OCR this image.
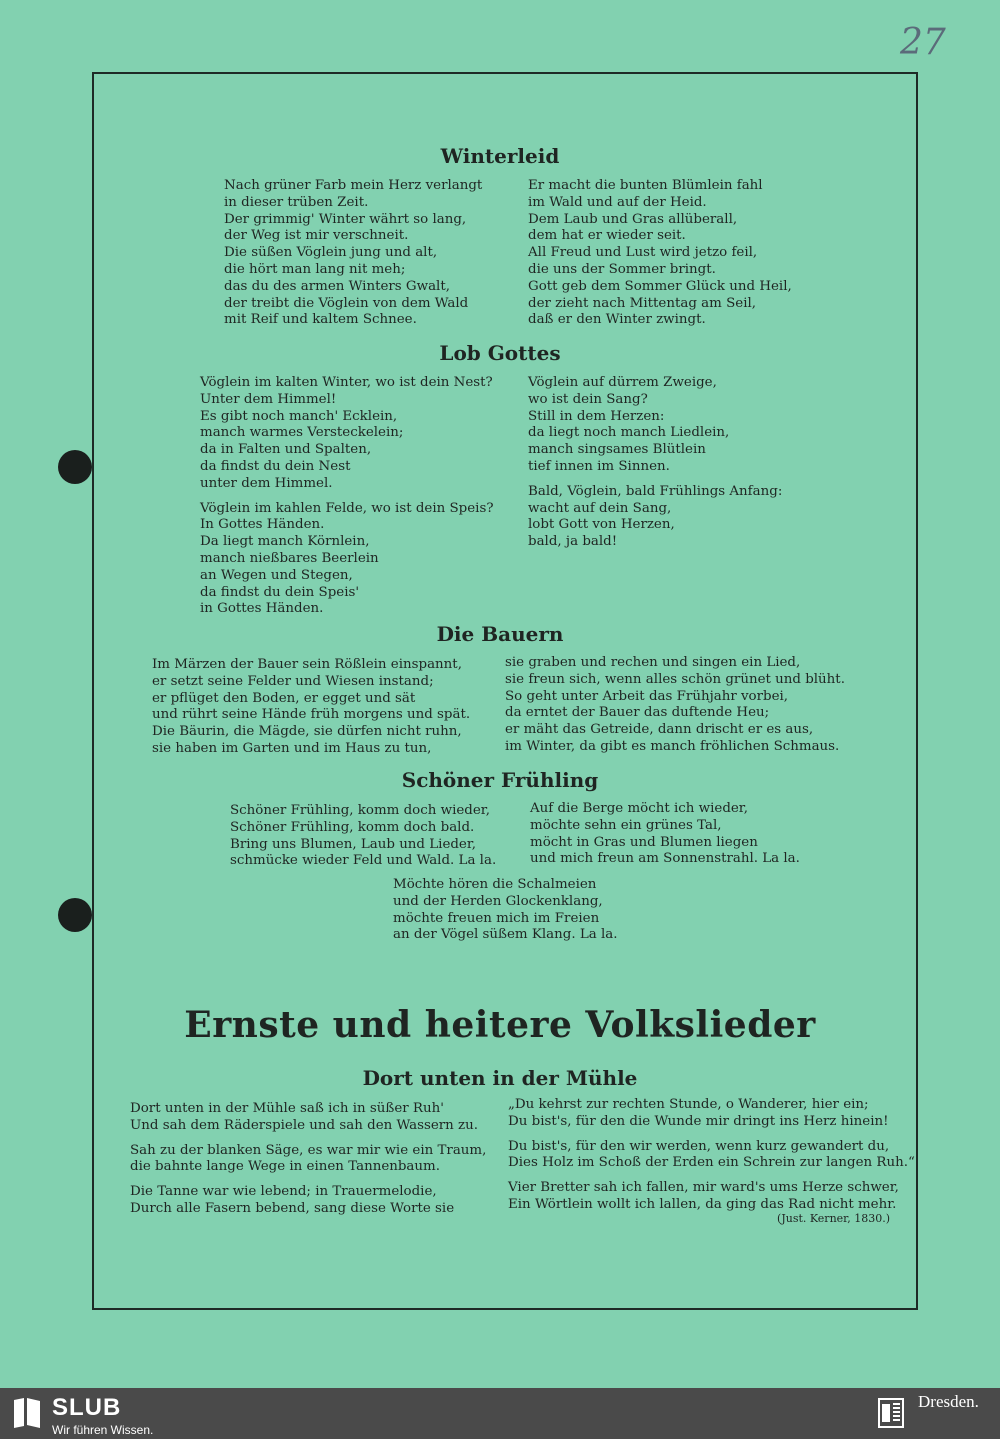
27
Winterleid
Nach grüner Farb mein Herz verlangt
in dieser trüben Zeit.
Der grimmig' Winter währt so lang,
der Weg ist mir verschneit.
Die süßen Vöglein jung und alt,
die hört man lang nit meh;
das du des armen Winters Gwalt,
der treibt die Vöglein von dem Wald
mit Reif und kaltem Schnee.
Er macht die bunten Blümlein fahl
im Wald und auf der Heid.
Dem Laub und Gras allüberall,
dem hat er wieder seit.
All Freud und Lust wird jetzo feil,
die uns der Sommer bringt.
Gott geb dem Sommer Glück und Heil,
der zieht nach Mittentag am Seil,
daß er den Winter zwingt.
Lob Gottes
Vöglein im kalten Winter, wo ist dein Nest?
Unter dem Himmel!
Es gibt noch manch' Ecklein,
manch warmes Versteckelein;
da in Falten und Spalten,
da findst du dein Nest
unter dem Himmel.
Vöglein im kahlen Felde, wo ist dein Speis?
In Gottes Händen.
Da liegt manch Körnlein,
manch nießbares Beerlein
an Wegen und Stegen,
da findst du dein Speis'
in Gottes Händen.
Vöglein auf dürrem Zweige,
wo ist dein Sang?
Still in dem Herzen:
da liegt noch manch Liedlein,
manch singsames Blütlein
tief innen im Sinnen.
Bald, Vöglein, bald Frühlings Anfang:
wacht auf dein Sang,
lobt Gott von Herzen,
bald, ja bald!
Die Bauern
Im Märzen der Bauer sein Rößlein einspannt,
er setzt seine Felder und Wiesen instand;
er pflüget den Boden, er egget und sät
und rührt seine Hände früh morgens und spät.
Die Bäurin, die Mägde, sie dürfen nicht ruhn,
sie haben im Garten und im Haus zu tun,
sie graben und rechen und singen ein Lied,
sie freun sich, wenn alles schön grünet und blüht.
So geht unter Arbeit das Frühjahr vorbei,
da erntet der Bauer das duftende Heu;
er mäht das Getreide, dann drischt er es aus,
im Winter, da gibt es manch fröhlichen Schmaus.
Schöner Frühling
Schöner Frühling, komm doch wieder,
Schöner Frühling, komm doch bald.
Bring uns Blumen, Laub und Lieder,
schmücke wieder Feld und Wald. La la.
Auf die Berge möcht ich wieder,
möchte sehn ein grünes Tal,
möcht in Gras und Blumen liegen
und mich freun am Sonnenstrahl. La la.
Möchte hören die Schalmeien
und der Herden Glockenklang,
möchte freuen mich im Freien
an der Vögel süßem Klang. La la.
Ernste und heitere Volkslieder
Dort unten in der Mühle
Dort unten in der Mühle saß ich in süßer Ruh'
Und sah dem Räderspiele und sah den Wassern zu.
Sah zu der blanken Säge, es war mir wie ein Traum,
die bahnte lange Wege in einen Tannenbaum.
Die Tanne war wie lebend; in Trauermelodie,
Durch alle Fasern bebend, sang diese Worte sie
„Du kehrst zur rechten Stunde, o Wanderer, hier ein;
Du bist's, für den die Wunde mir dringt ins Herz hinein!
Du bist's, für den wir werden, wenn kurz gewandert du,
Dies Holz im Schoß der Erden ein Schrein zur langen Ruh.“
Vier Bretter sah ich fallen, mir ward's ums Herze schwer,
Ein Wörtlein wollt ich lallen, da ging das Rad nicht mehr.
(Just. Kerner, 1830.)
SLUB
Wir führen Wissen.
Dresden.
